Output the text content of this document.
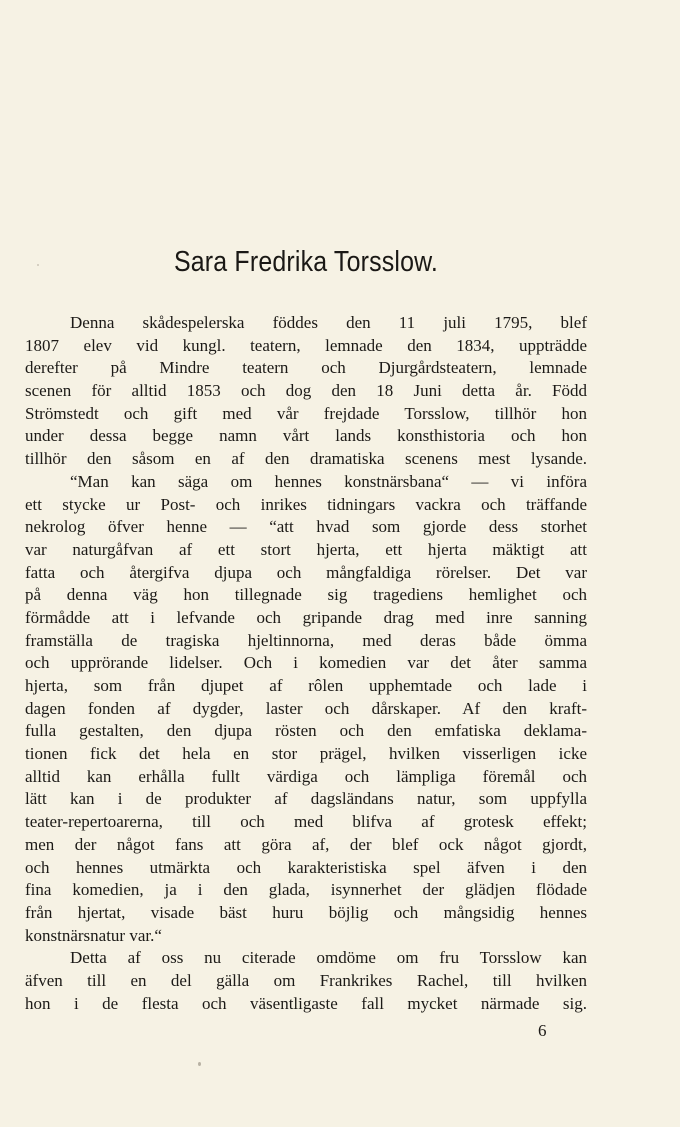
Sara Fredrika Torsslow.
Denna skådespelerska föddes den 11 juli 1795, blef
1807 elev vid kungl. teatern, lemnade den 1834, uppträdde
derefter på Mindre teatern och Djurgårdsteatern, lemnade
scenen för alltid 1853 och dog den 18 Juni detta år. Född
Strömstedt och gift med vår frejdade Torsslow, tillhör hon
under dessa begge namn vårt lands konsthistoria och hon
tillhör den såsom en af den dramatiska scenens mest lysande.
“Man kan säga om hennes konstnärsbana“ — vi införa
ett stycke ur Post- och inrikes tidningars vackra och träffande
nekrolog öfver henne — “att hvad som gjorde dess storhet
var naturgåfvan af ett stort hjerta, ett hjerta mäktigt att
fatta och återgifva djupa och mångfaldiga rörelser. Det var
på denna väg hon tillegnade sig tragediens hemlighet och
förmådde att i lefvande och gripande drag med inre sanning
framställa de tragiska hjeltinnorna, med deras både ömma
och upprörande lidelser. Och i komedien var det åter samma
hjerta, som från djupet af rôlen upphemtade och lade i
dagen fonden af dygder, laster och dårskaper. Af den kraft-
fulla gestalten, den djupa rösten och den emfatiska deklama-
tionen fick det hela en stor prägel, hvilken visserligen icke
alltid kan erhålla fullt värdiga och lämpliga föremål och
lätt kan i de produkter af dagsländans natur, som uppfylla
teater-repertoarerna, till och med blifva af grotesk effekt;
men der något fans att göra af, der blef ock något gjordt,
och hennes utmärkta och karakteristiska spel äfven i den
fina komedien, ja i den glada, isynnerhet der glädjen flödade
från hjertat, visade bäst huru böjlig och mångsidig hennes
konstnärsnatur var.“
Detta af oss nu citerade omdöme om fru Torsslow kan
äfven till en del gälla om Frankrikes Rachel, till hvilken
hon i de flesta och väsentligaste fall mycket närmade sig.
6
